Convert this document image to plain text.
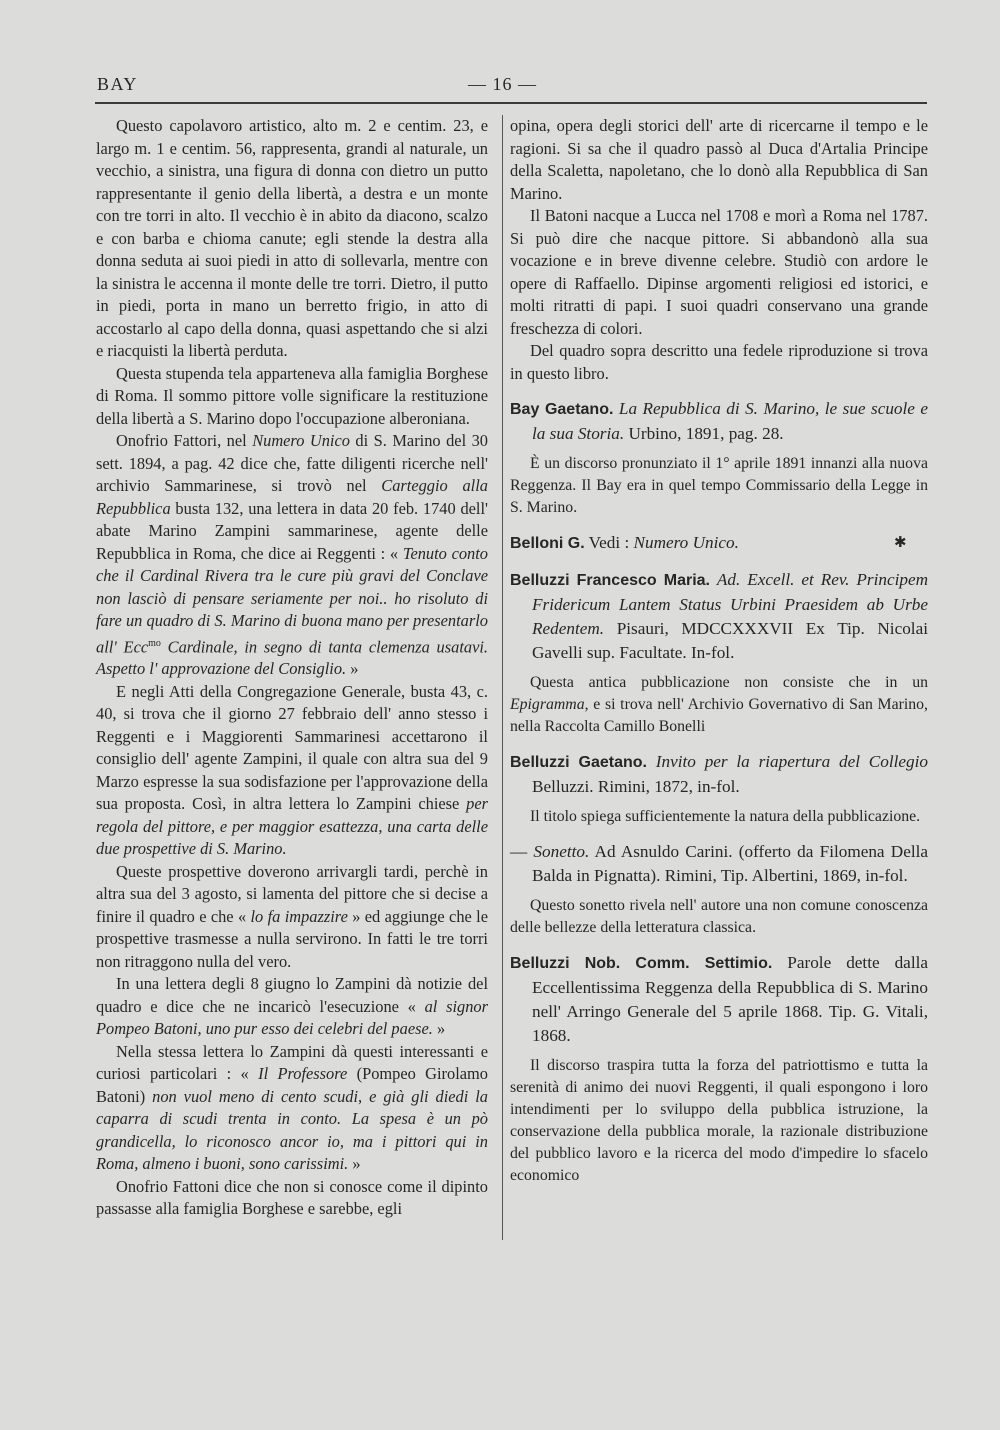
BAY	— 16 —

Questo capolavoro artistico, alto m. 2 e centim. 23, e largo m. 1 e centim. 56, rappresenta, grandi al naturale, un vecchio, a sinistra, una figura di donna con dietro un putto rappresentante il genio della libertà, a destra e un monte con tre torri in alto. Il vecchio è in abito da diacono, scalzo e con barba e chioma canute; egli stende la destra alla donna seduta ai suoi piedi in atto di sollevarla, mentre con la sinistra le accenna il monte delle tre torri. Dietro, il putto in piedi, porta in mano un berretto frigio, in atto di accostarlo al capo della donna, quasi aspettando che si alzi e riacquisti la libertà perduta.

Questa stupenda tela apparteneva alla famiglia Borghese di Roma. Il sommo pittore volle significare la restituzione della libertà a S. Marino dopo l'occupazione alberoniana.

Onofrio Fattori, nel Numero Unico di S. Marino del 30 sett. 1894, a pag. 42 dice che, fatte diligenti ricerche nell' archivio Sammarinese, si trovò nel Carteggio alla Repubblica busta 132, una lettera in data 20 feb. 1740 dell' abate Marino Zampini sammarinese, agente delle Repubblica in Roma, che dice ai Reggenti : « Tenuto conto che il Cardinal Rivera tra le cure più gravi del Conclave non lasciò di pensare seriamente per noi.. ho risoluto di fare un quadro di S. Marino di buona mano per presentarlo all' Ecc$^{mo}$ Cardinale, in segno di tanta clemenza usatavi. Aspetto l' approvazione del Consiglio. »

E negli Atti della Congregazione Generale, busta 43, c. 40, si trova che il giorno 27 febbraio dell' anno stesso i Reggenti e i Maggiorenti Sammarinesi accettarono il consiglio dell' agente Zampini, il quale con altra sua del 9 Marzo espresse la sua sodisfazione per l'approvazione della sua proposta. Così, in altra lettera lo Zampini chiese per regola del pittore, e per maggior esattezza, una carta delle due prospettive di S. Marino.

Queste prospettive doverono arrivargli tardi, perchè in altra sua del 3 agosto, si lamenta del pittore che si decise a finire il quadro e che « lo fa impazzire » ed aggiunge che le prospettive trasmesse a nulla servirono. In fatti le tre torri non ritraggono nulla del vero.

In una lettera degli 8 giugno lo Zampini dà notizie del quadro e dice che ne incaricò l'esecuzione « al signor Pompeo Batoni, uno pur esso dei celebri del paese. »

Nella stessa lettera lo Zampini dà questi interessanti e curiosi particolari : « Il Professore (Pompeo Girolamo Batoni) non vuol meno di cento scudi, e già gli diedi la caparra di scudi trenta in conto. La spesa è un pò grandicella, lo riconosco ancor io, ma i pittori qui in Roma, almeno i buoni, sono carissimi. »

Onofrio Fattoni dice che non si conosce come il dipinto passasse alla famiglia Borghese e sarebbe, egli

opina, opera degli storici dell' arte di ricercarne il tempo e le ragioni. Si sa che il quadro passò al Duca d'Artalia Principe della Scaletta, napoletano, che lo donò alla Repubblica di San Marino.

Il Batoni nacque a Lucca nel 1708 e morì a Roma nel 1787. Si può dire che nacque pittore. Si abbandonò alla sua vocazione e in breve divenne celebre. Studiò con ardore le opere di Raffaello. Dipinse argomenti religiosi ed istorici, e molti ritratti di papi. I suoi quadri conservano una grande freschezza di colori.

Del quadro sopra descritto una fedele riproduzione si trova in questo libro.

Bay Gaetano. La Repubblica di S. Marino, le sue scuole e la sua Storia. Urbino, 1891, pag. 28.
È un discorso pronunziato il 1° aprile 1891 innanzi alla nuova Reggenza. Il Bay era in quel tempo Commissario della Legge in S. Marino.
✱
Belloni G. Vedi : Numero Unico.
Belluzzi Francesco Maria. Ad. Excell. et Rev. Principem Fridericum Lantem Status Urbini Praesidem ab Urbe Redentem. Pisauri, MDCCXXXVII Ex Tip. Nicolai Gavelli sup. Facultate. In-fol.
Questa antica pubblicazione non consiste che in un Epigramma, e si trova nell' Archivio Governativo di San Marino, nella Raccolta Camillo Bonelli
Belluzzi Gaetano. Invito per la riapertura del Collegio Belluzzi. Rimini, 1872, in-fol.
Il titolo spiega sufficientemente la natura della pubblicazione.
— Sonetto. Ad Asnuldo Carini. (offerto da Filomena Della Balda in Pignatta). Rimini, Tip. Albertini, 1869, in-fol.
Questo sonetto rivela nell' autore una non comune conoscenza delle bellezze della letteratura classica.
Belluzzi Nob. Comm. Settimio. Parole dette dalla Eccellentissima Reggenza della Repubblica di S. Marino nell' Arringo Generale del 5 aprile 1868. Tip. G. Vitali, 1868.
Il discorso traspira tutta la forza del patriottismo e tutta la serenità di animo dei nuovi Reggenti, il quali espongono i loro intendimenti per lo sviluppo della pubblica istruzione, la conservazione della pubblica morale, la razionale distribuzione del pubblico lavoro e la ricerca del modo d'impedire lo sfacelo economico
